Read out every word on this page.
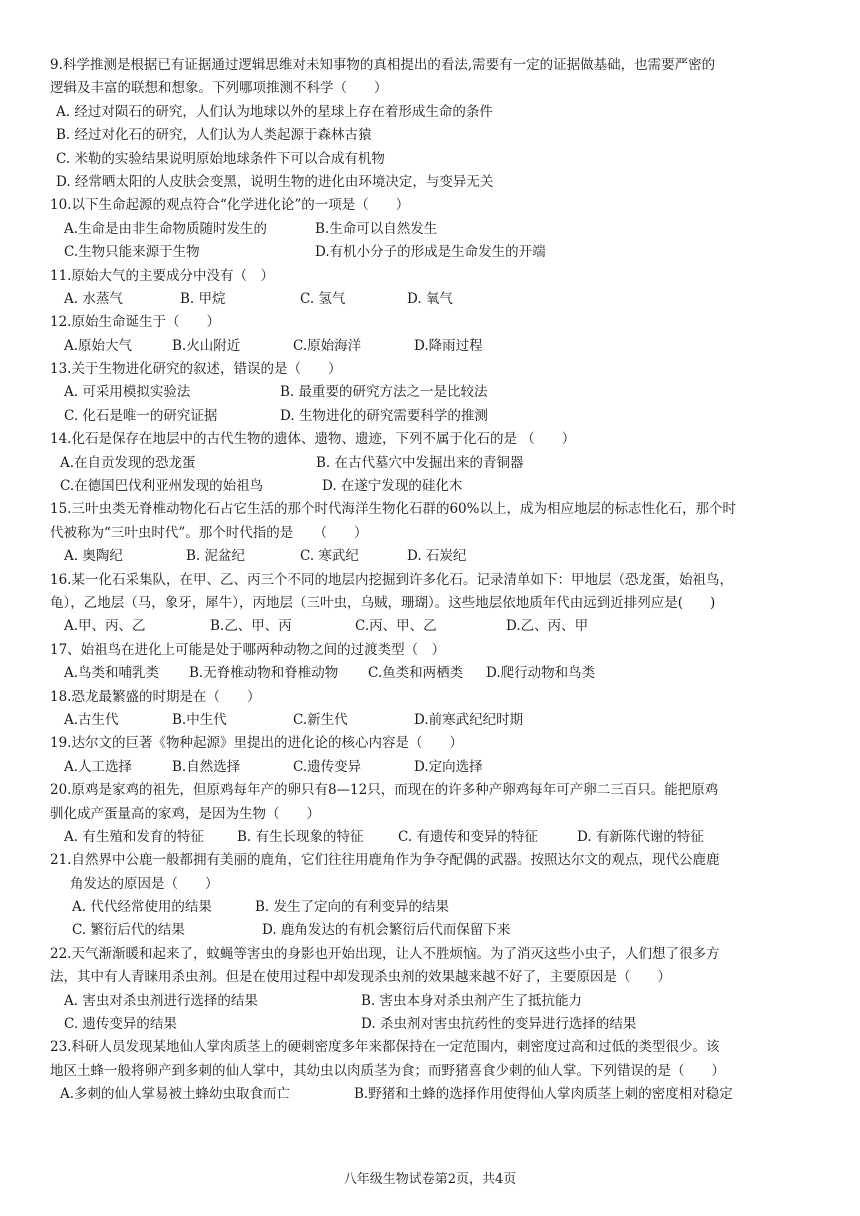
9.科学推测是根据已有证据通过逻辑思维对未知事物的真相提出的看法,需要有一定的证据做基础，也需要严密的
逻辑及丰富的联想和想象。下列哪项推测不科学（　　）
A. 经过对陨石的研究，人们认为地球以外的星球上存在着形成生命的条件
B. 经过对化石的研究，人们认为人类起源于森林古猿
C. 米勒的实验结果说明原始地球条件下可以合成有机物
D. 经常晒太阳的人皮肤会变黑，说明生物的进化由环境决定，与变异无关
10.以下生命起源的观点符合“化学进化论”的一项是（　　）
A.生命是由非生命物质随时发生的	B.生命可以自然发生
C.生物只能来源于生物	D.有机小分子的形成是生命发生的开端
11.原始大气的主要成分中没有（　）
A. 水蒸气	B. 甲烷	C. 氢气	D. 氧气
12.原始生命诞生于（　　）
A.原始大气	B.火山附近	C.原始海洋	D.降雨过程
13.关于生物进化研究的叙述，错误的是（　　）
A. 可采用模拟实验法	B. 最重要的研究方法之一是比较法
C. 化石是唯一的研究证据	D. 生物进化的研究需要科学的推测
14.化石是保存在地层中的古代生物的遗体、遗物、遗迹，下列不属于化石的是 （　　）
A.在自贡发现的恐龙蛋	B. 在古代墓穴中发掘出来的青铜器
C.在德国巴伐利亚州发现的始祖鸟	D. 在遂宁发现的硅化木
15.三叶虫类无脊椎动物化石占它生活的那个时代海洋生物化石群的60%以上，成为相应地层的标志性化石，那个时
代被称为“三叶虫时代”。那个时代指的是　　（　　）
A. 奥陶纪	B. 泥盆纪	C. 寒武纪	D. 石炭纪
16.某一化石采集队，在甲、乙、丙三个不同的地层内挖掘到许多化石。记录清单如下：甲地层（恐龙蛋，始祖鸟，
龟），乙地层（马，象牙，犀牛），丙地层（三叶虫，乌贼，珊瑚）。这些地层依地质年代由远到近排列应是(　　)
A.甲、丙、乙	B.乙、甲、丙	C.丙、甲、乙	D.乙、丙、甲
17、始祖鸟在进化上可能是处于哪两种动物之间的过渡类型（　）
A.鸟类和哺乳类 B.无脊椎动物和脊椎动物 C.鱼类和两栖类 D.爬行动物和鸟类
18.恐龙最繁盛的时期是在（　　）
A.古生代	B.中生代	C.新生代	D.前寒武纪纪时期
19.达尔文的巨著《物种起源》里提出的进化论的核心内容是（　　）
A.人工选择	B.自然选择	C.遗传变异	D.定向选择
20.原鸡是家鸡的祖先，但原鸡每年产的卵只有8—12只，而现在的许多种产卵鸡每年可产卵二三百只。能把原鸡
驯化成产蛋量高的家鸡，是因为生物（　　）
A. 有生殖和发育的特征 B. 有生长现象的特征	C. 有遗传和变异的特征	D. 有新陈代谢的特征
21.自然界中公鹿一般都拥有美丽的鹿角，它们往往用鹿角作为争夺配偶的武器。按照达尔文的观点，现代公鹿鹿
角发达的原因是（　　）
A. 代代经常使用的结果	B. 发生了定向的有利变异的结果
C. 繁衍后代的结果	D. 鹿角发达的有机会繁衍后代而保留下来
22.天气渐渐暖和起来了，蚊蝇等害虫的身影也开始出现，让人不胜烦恼。为了消灭这些小虫子，人们想了很多方
法，其中有人青睐用杀虫剂。但是在使用过程中却发现杀虫剂的效果越来越不好了，主要原因是（　　）
A. 害虫对杀虫剂进行选择的结果	B. 害虫本身对杀虫剂产生了抵抗能力
C. 遗传变异的结果	D. 杀虫剂对害虫抗药性的变异进行选择的结果
23.科研人员发现某地仙人掌肉质茎上的硬刺密度多年来都保持在一定范围内，刺密度过高和过低的类型很少。该
地区土蜂一般将卵产到多刺的仙人掌中，其幼虫以肉质茎为食；而野猪喜食少刺的仙人掌。下列错误的是（　　）
A.多刺的仙人掌易被土蜂幼虫取食而亡	B.野猪和土蜂的选择作用使得仙人掌肉质茎上刺的密度相对稳定
八年级生物试卷第2页，共4页
